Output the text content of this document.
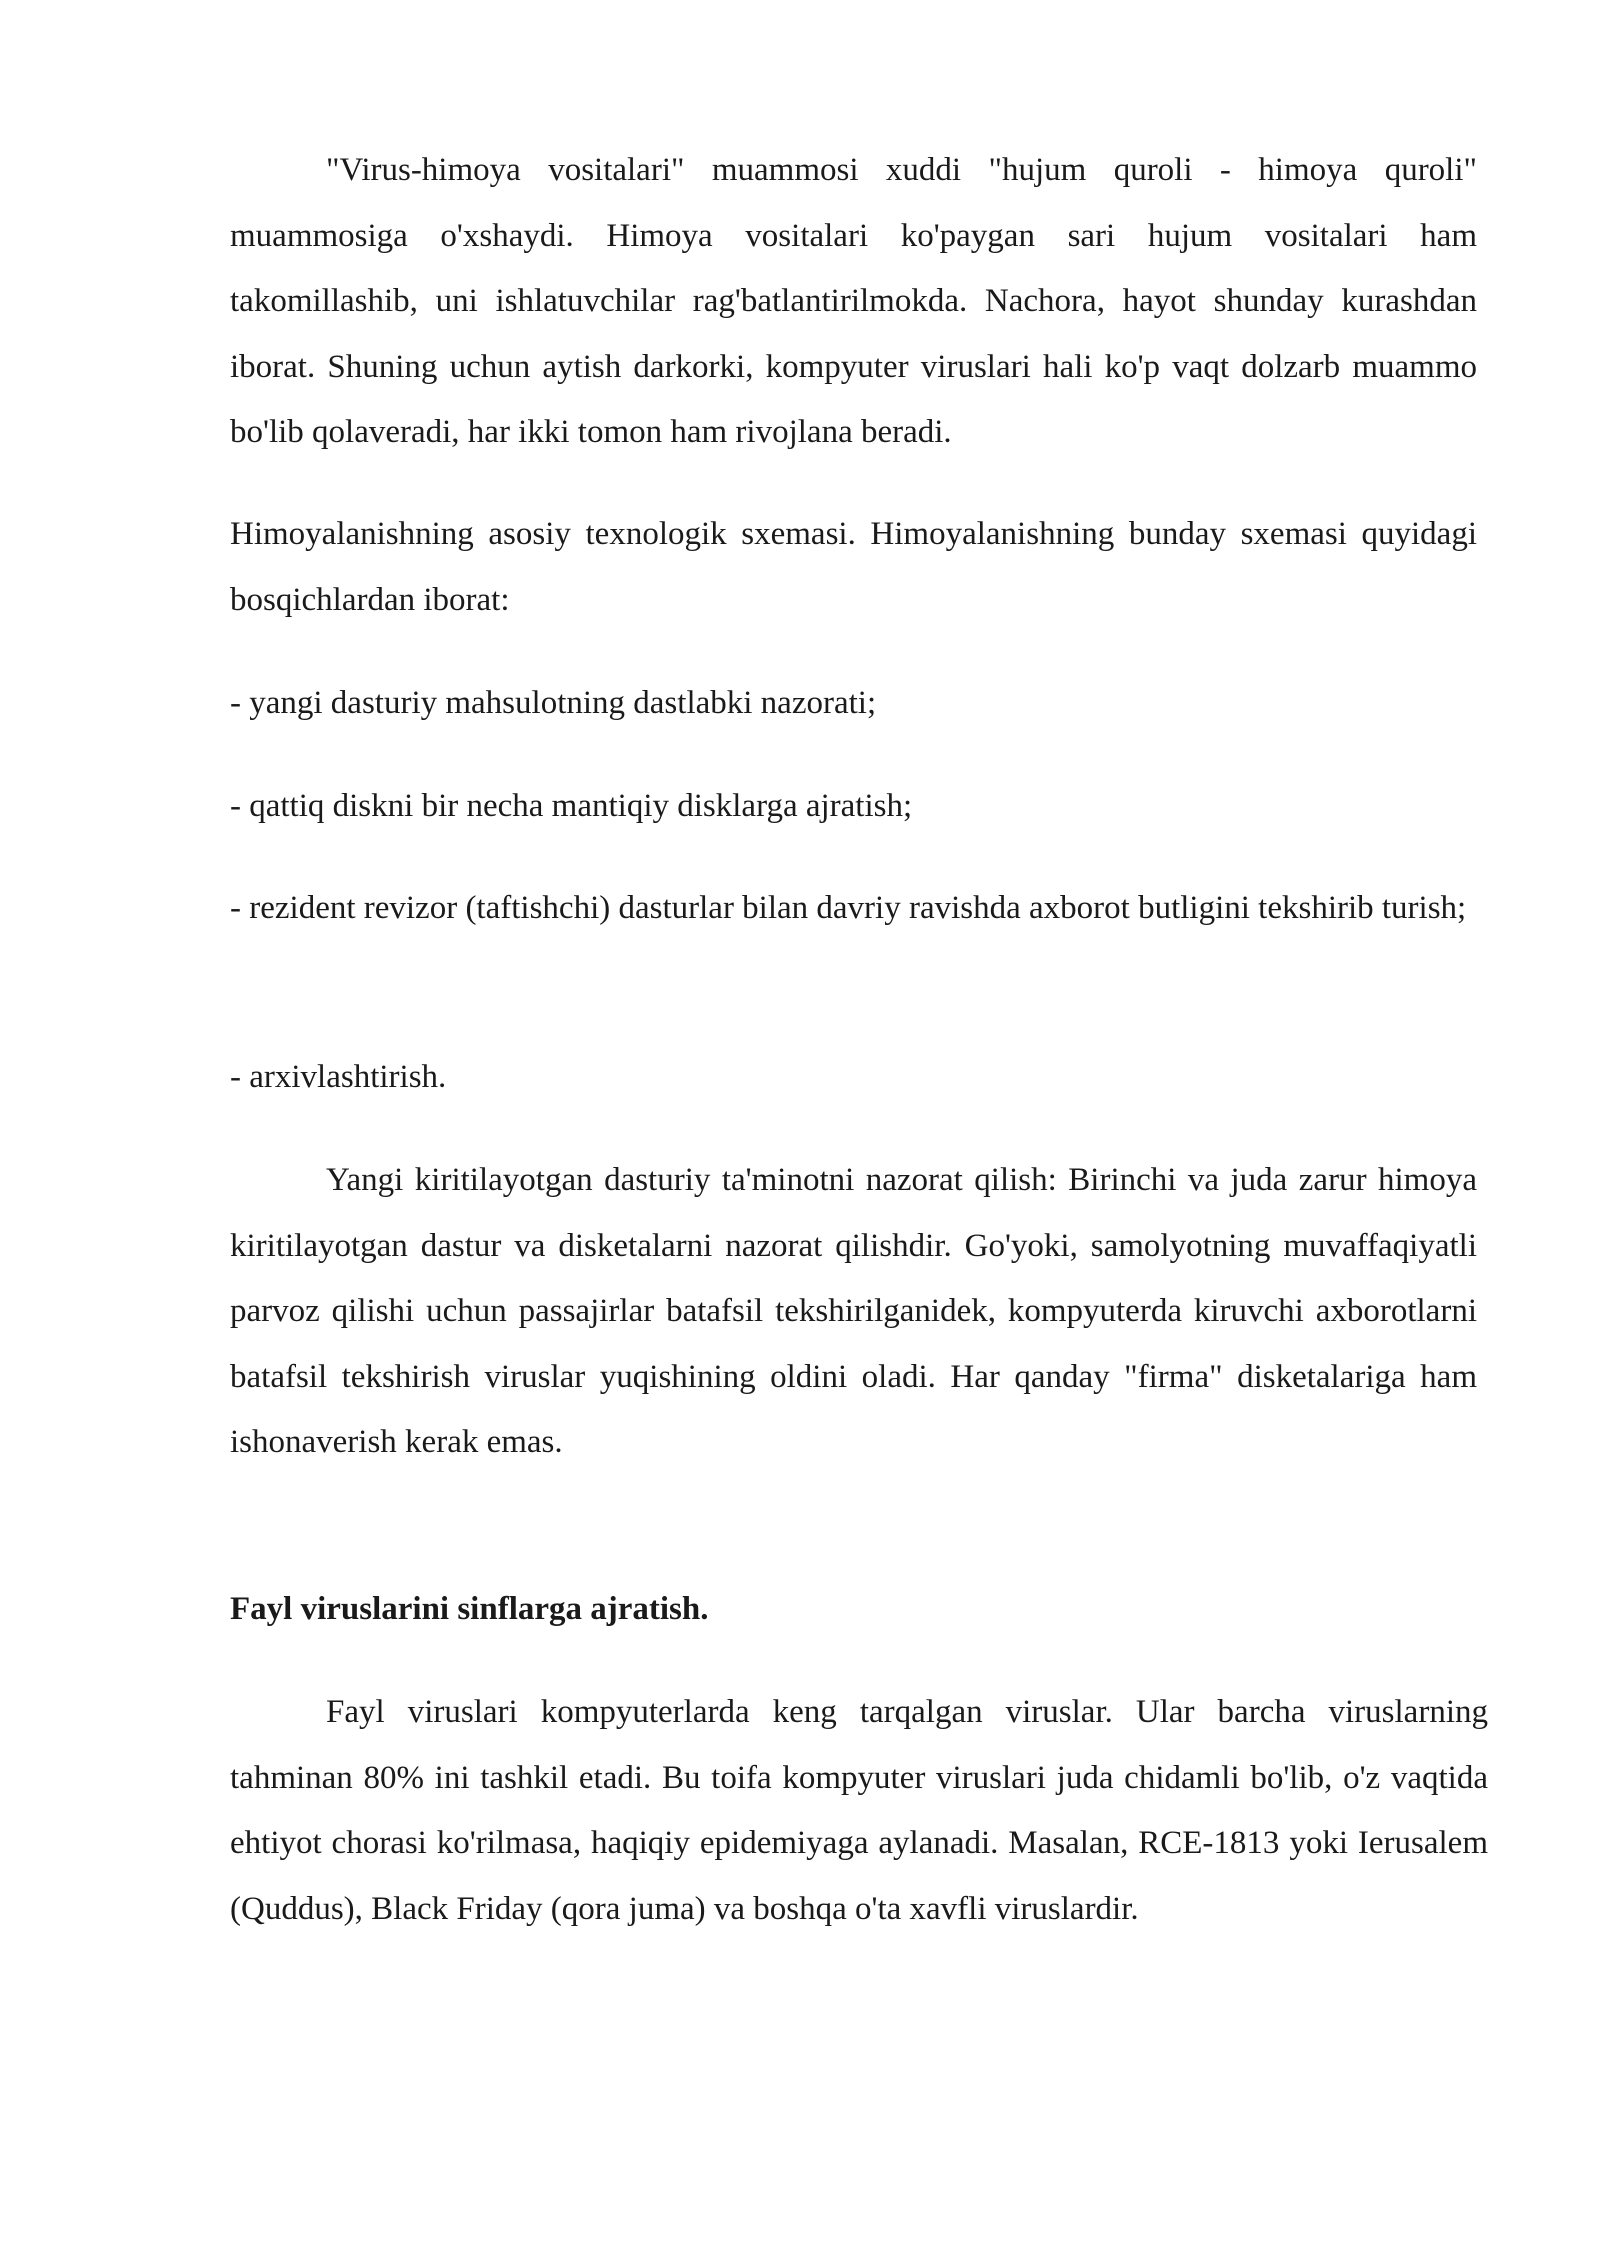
"Virus-himoya vositalari" muammosi xuddi "hujum quroli - himoya quroli" muammosiga o'xshaydi. Himoya vositalari ko'paygan sari hujum vositalari ham takomillashib, uni ishlatuvchilar rag'batlantirilmokda. Nachora, hayot shunday kurashdan iborat. Shuning uchun aytish darkorki, kompyuter viruslari hali ko'p vaqt dolzarb muammo bo'lib qolaveradi, har ikki tomon ham rivojlana beradi.

Himoyalanishning asosiy texnologik sxemasi. Himoyalanishning bunday sxemasi quyidagi bosqichlardan iborat:

- yangi dasturiy mahsulotning dastlabki nazorati;

- qattiq diskni bir necha mantiqiy disklarga ajratish;

- rezident revizor (taftishchi) dasturlar bilan davriy ravishda axborot butligini tekshirib turish;

- arxivlashtirish.

Yangi kiritilayotgan dasturiy ta'minotni nazorat qilish: Birinchi va juda zarur himoya kiritilayotgan dastur va disketalarni nazorat qilishdir. Go'yoki, samolyotning muvaffaqiyatli parvoz qilishi uchun passajirlar batafsil tekshirilganidek, kompyuterda kiruvchi axborotlarni batafsil tekshirish viruslar yuqishining oldini oladi. Har qanday "firma" disketalariga ham ishonaverish kerak emas.

Fayl viruslarini sinflarga ajratish.

Fayl viruslari kompyuterlarda keng tarqalgan viruslar. Ular barcha viruslarning tahminan 80% ini tashkil etadi. Bu toifa kompyuter viruslari juda chidamli bo'lib, o'z vaqtida ehtiyot chorasi ko'rilmasa, haqiqiy epidemiyaga aylanadi. Masalan, RCE-1813 yoki Ierusalem (Quddus), Black Friday (qora juma) va boshqa o'ta xavfli viruslardir.
